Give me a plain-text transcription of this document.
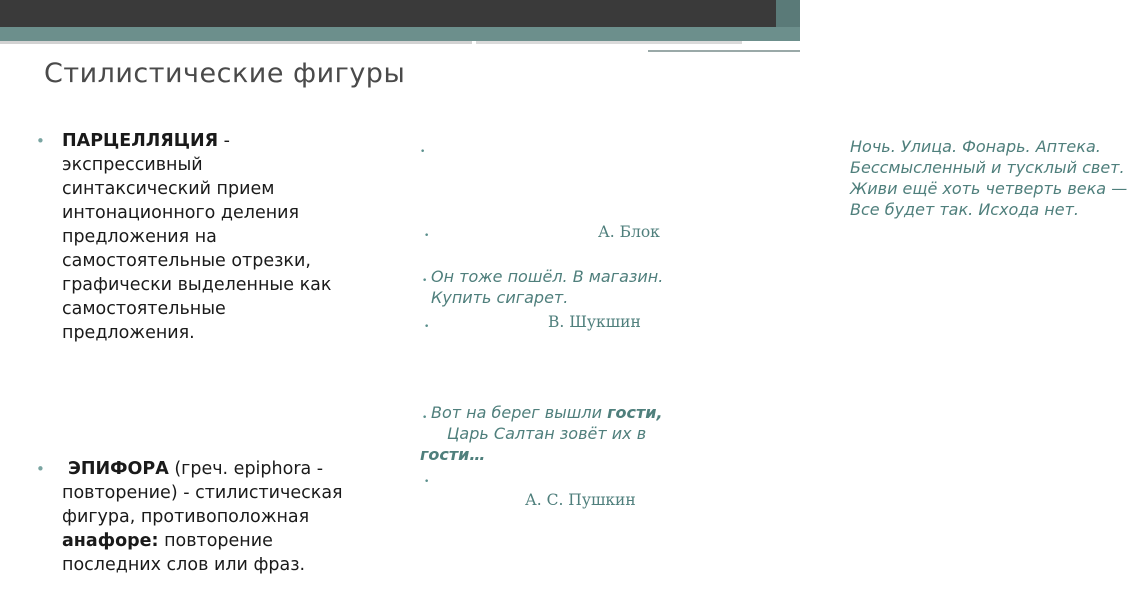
Стилистические фигуры
• ПАРЦЕЛЛЯЦИЯ -
экспрессивный
синтаксический прием
интонационного деления
предложения на
самостоятельные отрезки,
графически выделенные как
самостоятельные
предложения.
•	ЭПИФОРА (греч. epiphora -
повторение) - стилистическая
фигура, противоположная
анафоре: повторение
последних слов или фраз.
•	Ночь. Улица. Фонарь. Аптека.
Бессмысленный и тусклый свет.
Живи ещё хоть четверть века —
Все будет так. Исхода нет.
•	А. Блок
• Он тоже пошёл. В магазин.
Купить сигарет.
•	В. Шукшин
• Вот на берег вышли гости,
Царь Салтан зовёт их в
гости…
•
А. С. Пушкин
